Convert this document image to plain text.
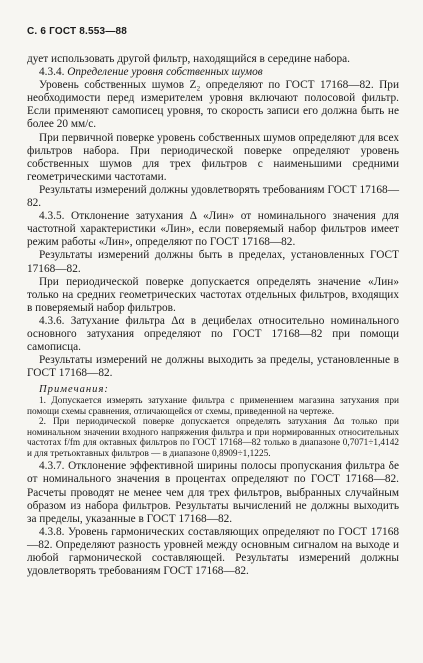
С. 6 ГОСТ 8.553—88

дует использовать другой фильтр, находящийся в середине набора.

4.3.4. Определение уровня собственных шумов

Уровень собственных шумов Z₂ определяют по ГОСТ 17168—82. При необходимости перед измерителем уровня включают полосовой фильтр. Если применяют самописец уровня, то скорость записи его должна быть не более 20 мм/с.

При первичной поверке уровень собственных шумов определяют для всех фильтров набора. При периодической поверке определяют уровень собственных шумов для трех фильтров с наименьшими средними геометрическими частотами.

Результаты измерений должны удовлетворять требованиям ГОСТ 17168—82.

4.3.5. Отклонение затухания Δ «Лин» от номинального значения для частотной характеристики «Лин», если поверяемый набор фильтров имеет режим работы «Лин», определяют по ГОСТ 17168—82.

Результаты измерений должны быть в пределах, установленных ГОСТ 17168—82.

При периодической поверке допускается определять значение «Лин» только на средних геометрических частотах отдельных фильтров, входящих в поверяемый набор фильтров.

4.3.6. Затухание фильтра Δα в децибелах относительно номинального основного затухания определяют по ГОСТ 17168—82 при помощи самописца.

Результаты измерений не должны выходить за пределы, установленные в ГОСТ 17168—82.

Примечания:

1. Допускается измерять затухание фильтра с применением магазина затухания при помощи схемы сравнения, отличающейся от схемы, приведенной на чертеже.

2. При периодической поверке допускается определять затухания Δα только при номинальном значении входного напряжения фильтра и при нормированных относительных частотах f/fm для октавных фильтров по ГОСТ 17168—82 только в диапазоне 0,7071÷1,4142 и для третьоктавных фильтров — в диапазоне 0,8909÷1,1225.

4.3.7. Отклонение эффективной ширины полосы пропускания фильтра δe от номинального значения в процентах определяют по ГОСТ 17168—82. Расчеты проводят не менее чем для трех фильтров, выбранных случайным образом из набора фильтров. Результаты вычислений не должны выходить за пределы, указанные в ГОСТ 17168—82.

4.3.8. Уровень гармонических составляющих определяют по ГОСТ 17168—82. Определяют разность уровней между основным сигналом на выходе и любой гармонической составляющей. Результаты измерений должны удовлетворять требованиям ГОСТ 17168—82.
